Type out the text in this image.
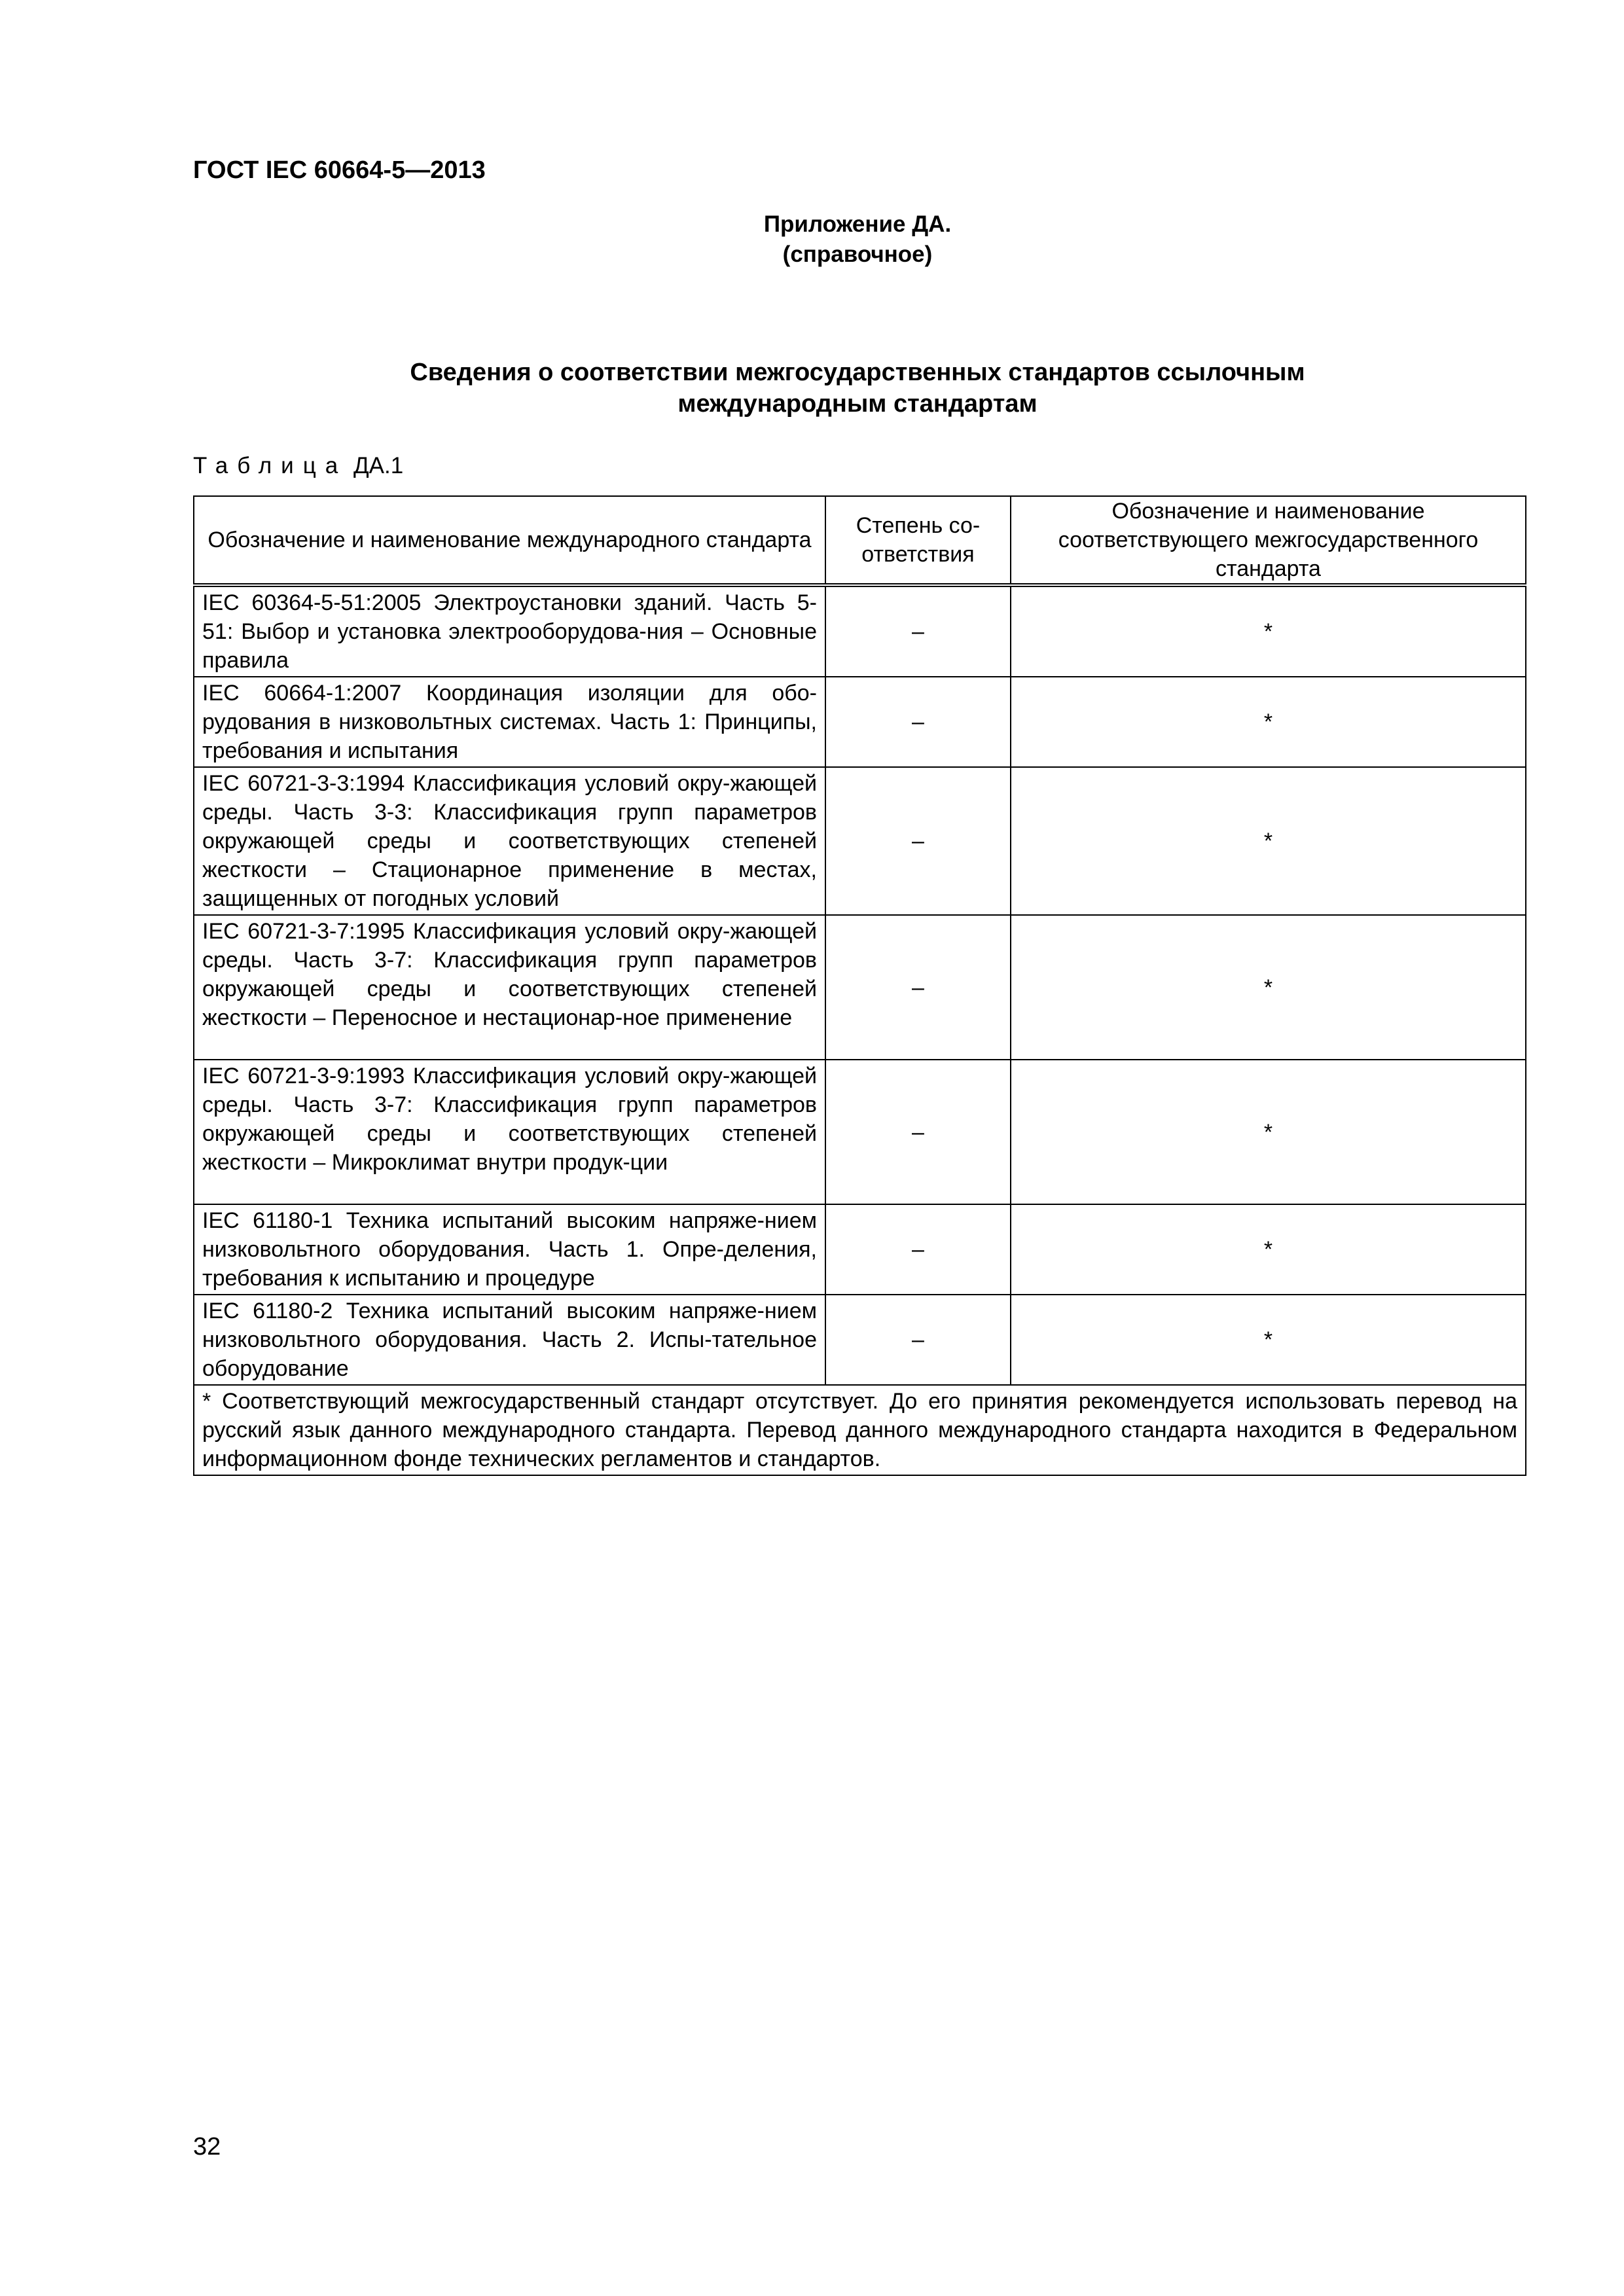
ГОСТ IEC 60664-5—2013
Приложение ДА.
(справочное)
Сведения о соответствии межгосударственных стандартов ссылочным
международным стандартам
Таблица ДА.1
Обозначение и наименование международного стандарта	Степень со-ответствия	Обозначение и наименование соответствующего межгосударственного стандарта
IEC 60364-5-51:2005 Электроустановки зданий. Часть 5-51: Выбор и установка электрооборудова-ния – Основные правила	–	*
IEC 60664-1:2007 Координация изоляции для обо-рудования в низковольтных системах. Часть 1: Принципы, требования и испытания	–	*
IEC 60721-3-3:1994 Классификация условий окру-жающей среды. Часть 3-3: Классификация групп параметров окружающей среды и соответствующих степеней жесткости – Стационарное применение в местах, защищенных от погодных условий	–	*
IEC 60721-3-7:1995 Классификация условий окру-жающей среды. Часть 3-7: Классификация групп параметров окружающей среды и соответствующих степеней жесткости – Переносное и нестационар-ное применение	–	*
IEC 60721-3-9:1993 Классификация условий окру-жающей среды. Часть 3-7: Классификация групп параметров окружающей среды и соответствующих степеней жесткости – Микроклимат внутри продук-ции	–	*
IEC 61180-1 Техника испытаний высоким напряже-нием низковольтного оборудования. Часть 1. Опре-деления, требования к испытанию и процедуре	–	*
IEC 61180-2 Техника испытаний высоким напряже-нием низковольтного оборудования. Часть 2. Испы-тательное оборудование	–	*
* Соответствующий межгосударственный стандарт отсутствует. До его принятия рекомендуется использовать перевод на русский язык данного международного стандарта. Перевод данного международного стандарта находится в Федеральном информационном фонде технических регламентов и стандартов.		
32
